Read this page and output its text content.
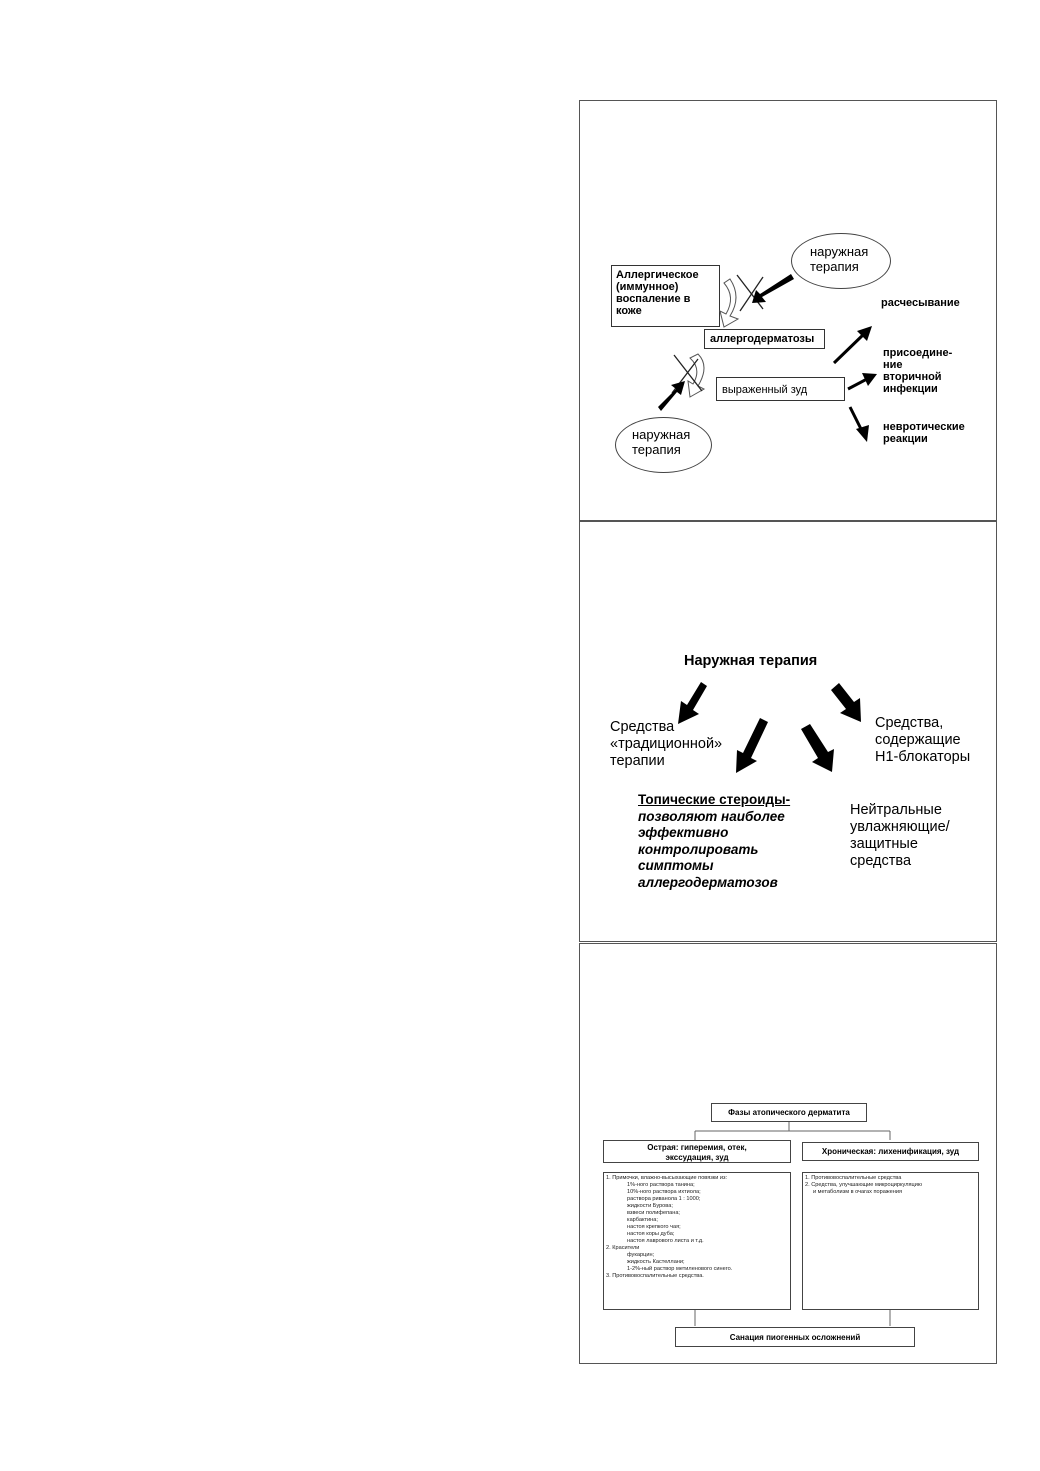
Аллергическое (иммунное) воспаление в коже
наружная терапия
аллергодерматозы
выраженный зуд
наружная терапия
расчесывание
присоедине-ние вторичной инфекции
невротические реакции
Наружная терапия
Средства «традиционной» терапии
Средства, содержащие Н1-блокаторы
Топические стероиды-
позволяют наиболее эффективно контролировать симптомы аллергодерматозов
Нейтральные увлажняющие/ защитные средства
Фазы атопического дерматита
Острая: гиперемия, отек, экссудация, зуд
Хроническая: лихенификация, зуд
1. Примочки, влажно-высыхающие повязки из:
1%-ного раствора танина;
10%-ного раствора ихтиола;
раствора риванола 1 : 1000;
жидкости Бурова;
взвеси полифепана;
карбактина;
настоя крепкого чая;
настоя коры дуба;
настоя лаврового листа и т.д.
2. Красители
фукарцин;
жидкость Кастеллани;
1-2%-ный раствор метиленового синего.
3. Противовоспалительные средства.
1. Противовоспалительные средства
2. Средства, улучшающие микроциркуляцию
и метаболизм в очагах поражения
Санация пиогенных осложнений
